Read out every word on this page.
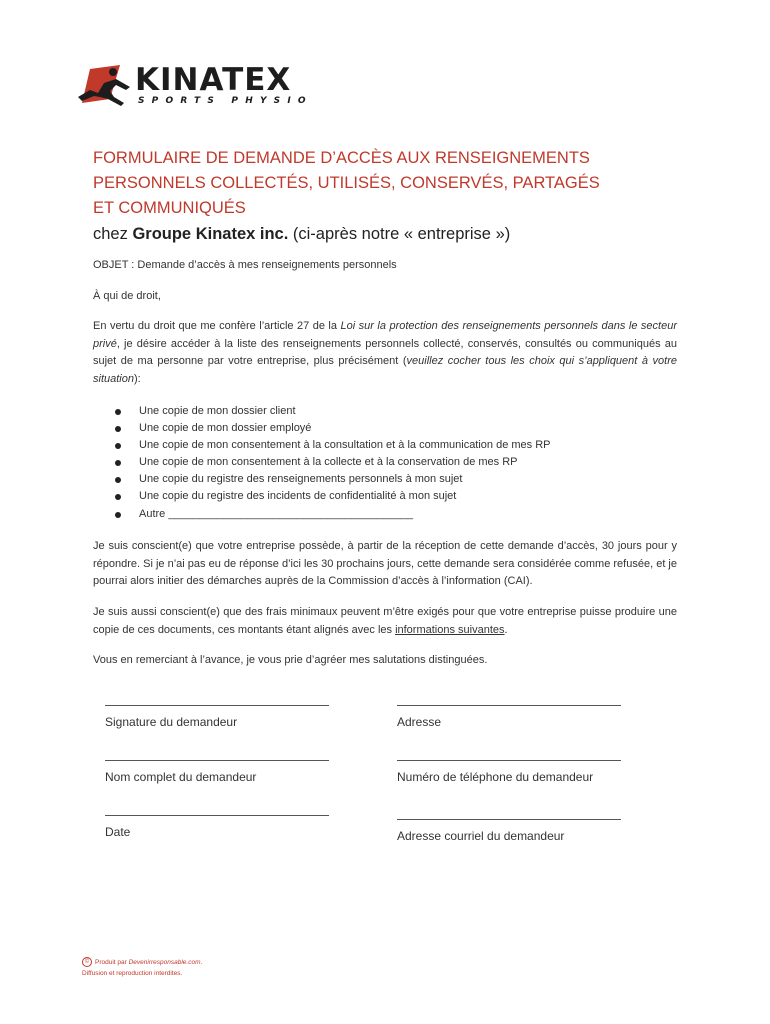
KINATEX
SPORTS PHYSIO
FORMULAIRE DE DEMANDE D’ACCÈS AUX RENSEIGNEMENTS PERSONNELS COLLECTÉS, UTILISÉS, CONSERVÉS, PARTAGÉS ET COMMUNIQUÉS
chez Groupe Kinatex inc. (ci-après notre « entreprise »)
OBJET : Demande d’accès à mes renseignements personnels
À qui de droit,
En vertu du droit que me confère l’article 27 de la Loi sur la protection des renseignements personnels dans le secteur privé, je désire accéder à la liste des renseignements personnels collecté, conservés, consultés ou communiqués au sujet de ma personne par votre entreprise, plus précisément (veuillez cocher tous les choix qui s’appliquent à votre situation):
Une copie de mon dossier client
Une copie de mon dossier employé
Une copie de mon consentement à la consultation et à la communication de mes RP
Une copie de mon consentement à la collecte et à la conservation de mes RP
Une copie du registre des renseignements personnels à mon sujet
Une copie du registre des incidents de confidentialité à mon sujet
Autre ________________________________________
Je suis conscient(e) que votre entreprise possède, à partir de la réception de cette demande d’accès, 30 jours pour y répondre. Si je n’ai pas eu de réponse d’ici les 30 prochains jours, cette demande sera considérée comme refusée, et je pourrai alors initier des démarches auprès de la Commission d’accès à l’information (CAI).
Je suis aussi conscient(e) que des frais minimaux peuvent m’être exigés pour que votre entreprise puisse produire une copie de ces documents, ces montants étant alignés avec les informations suivantes.
Vous en remerciant à l’avance, je vous prie d’agréer mes salutations distinguées.
Signature du demandeur	Adresse
Nom complet du demandeur	Numéro de téléphone du demandeur
Date	Adresse courriel du demandeur
© Produit par Devenirresponsable.com.
Diffusion et reproduction interdites.
